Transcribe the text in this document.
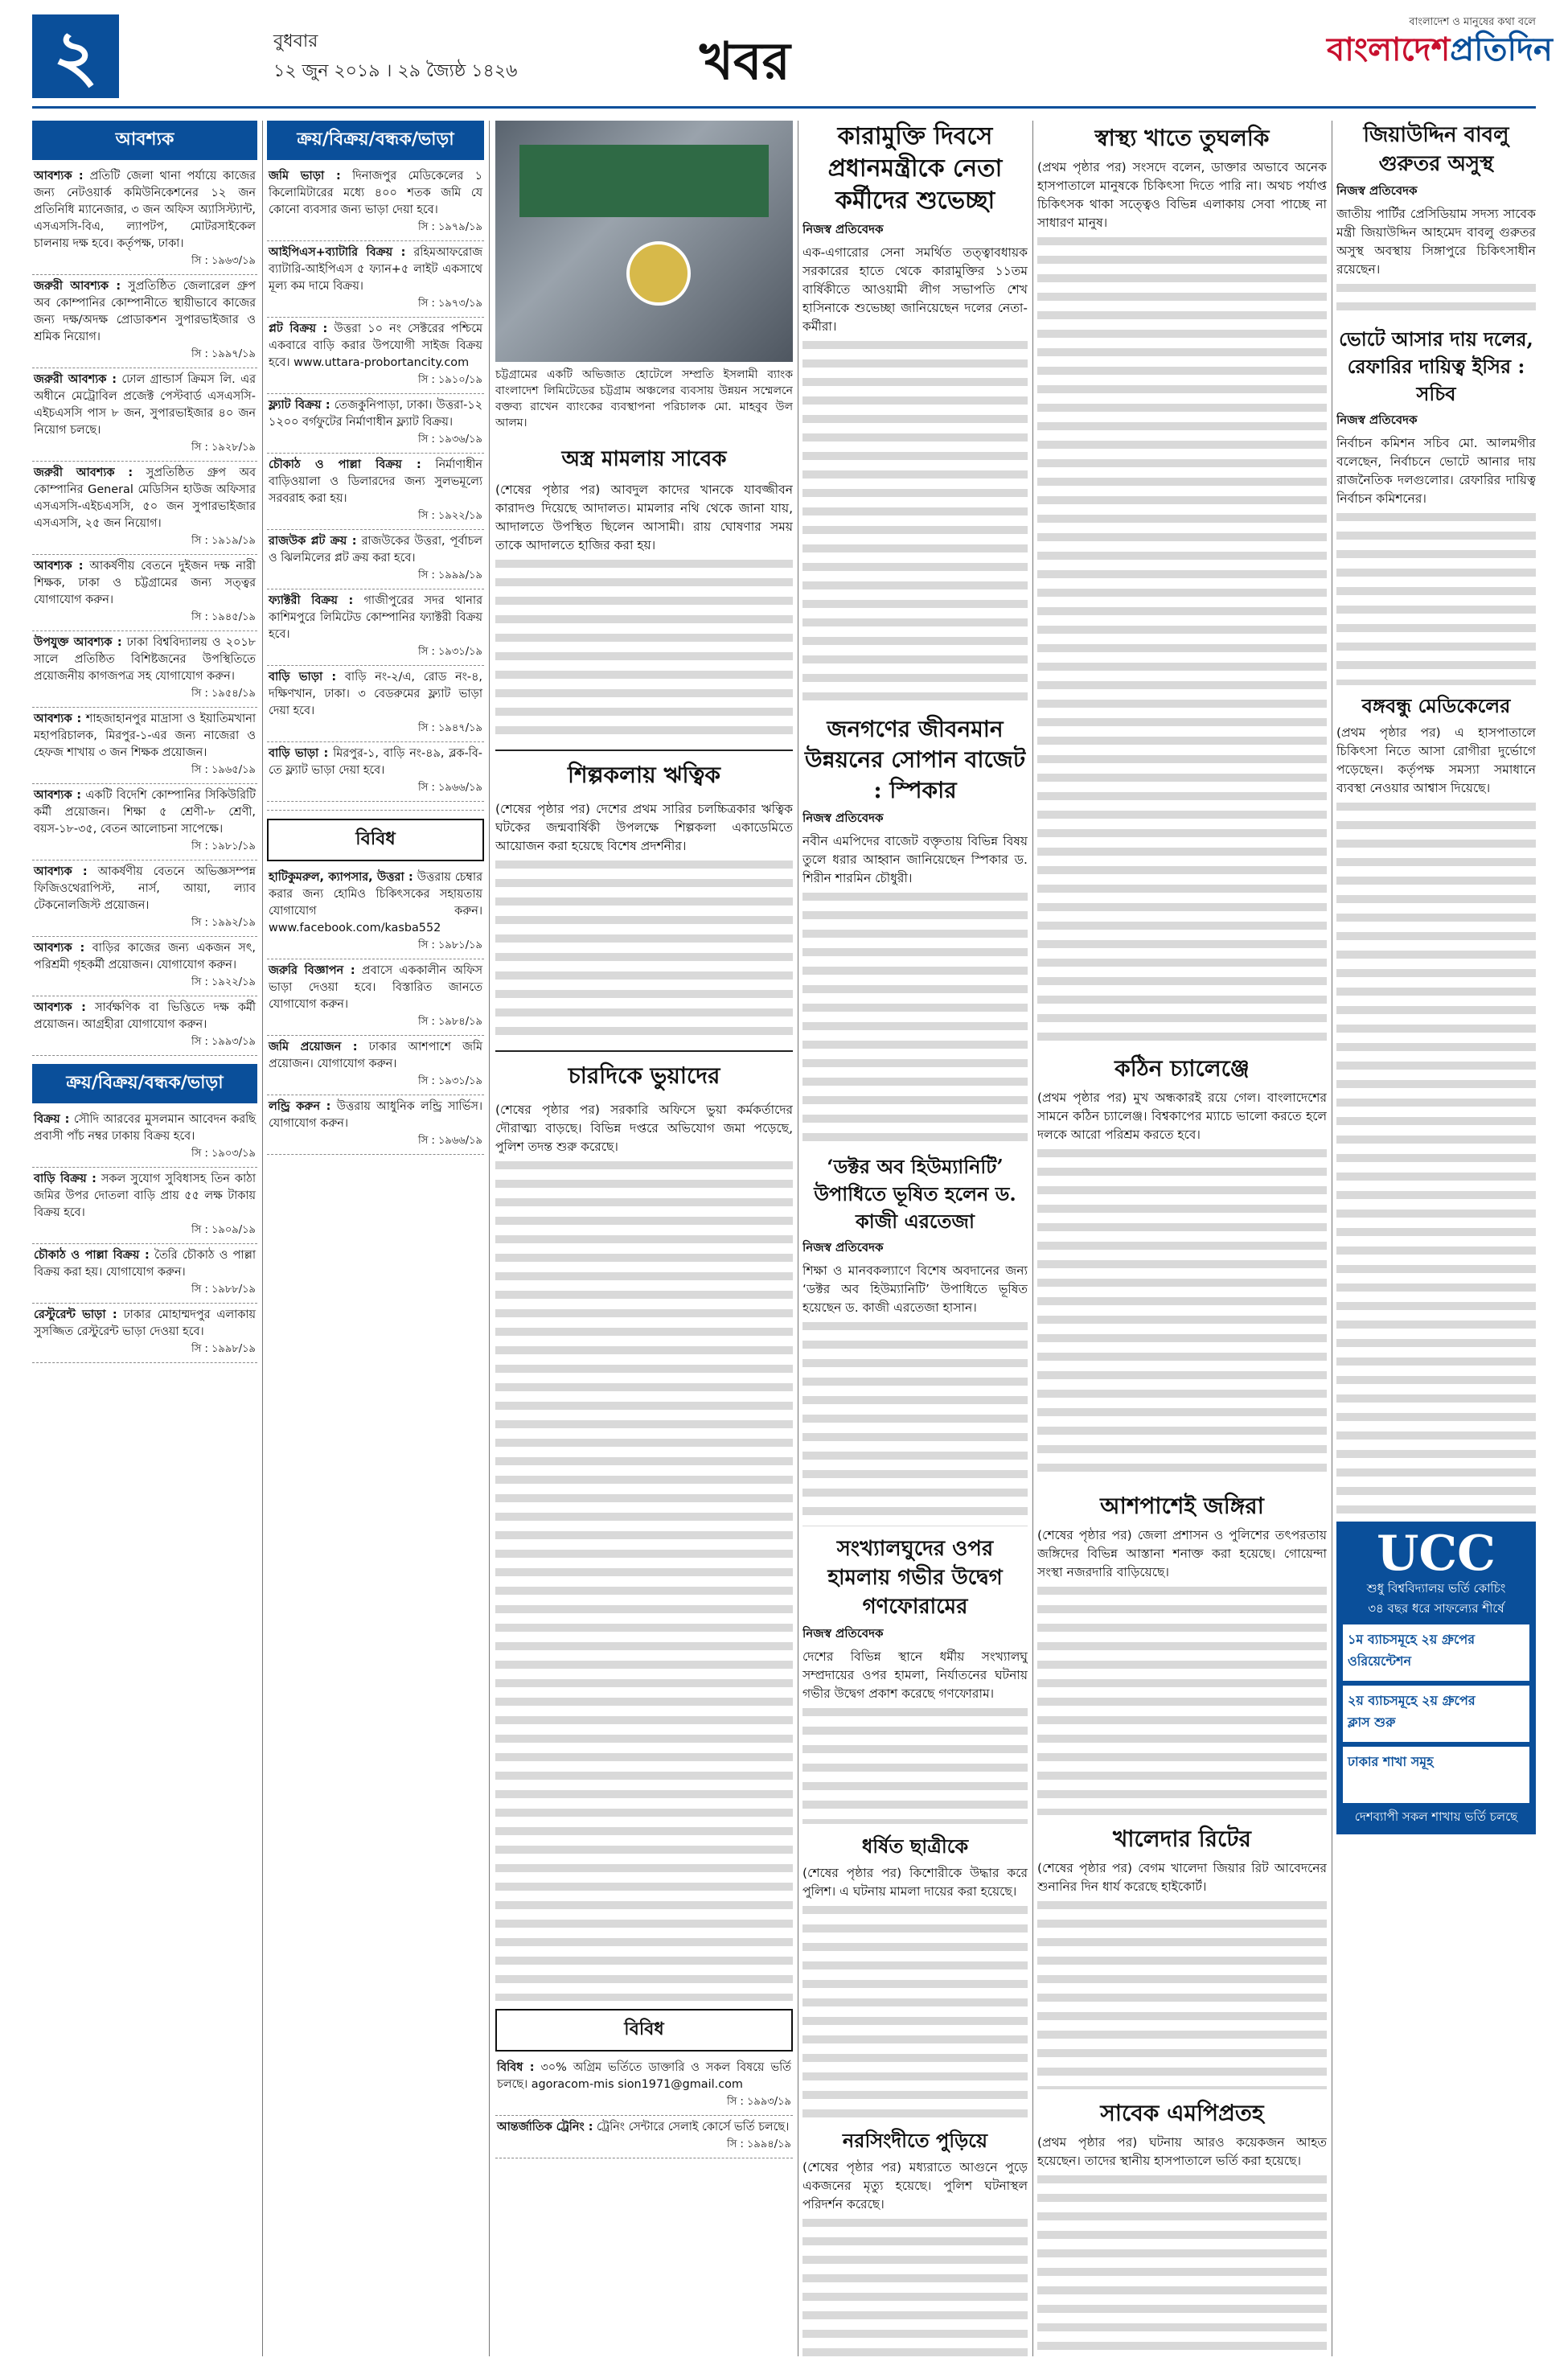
২	বুধবার
১২ জুন ২০১৯ । ২৯ জ্যৈষ্ঠ ১৪২৬	খবর
বাংলাদেশ ও মানুষের কথা বলে
বাংলাদেশপ্রতিদিন
আবশ্যক
আবশ্যক : প্রতিটি জেলা থানা পর্যায়ে কাজের জন্য নেটওয়ার্ক কমিউনিকেশনের ১২ জন প্রতিনিধি ম্যানেজার, ৩ জন অফিস অ্যাসিস্ট্যান্ট, এসএসসি-বিএ, ল্যাপটপ, মোটরসাইকেল চালনায় দক্ষ হবে। কর্তৃপক্ষ, ঢাকা।
সি : ১৯৬৩/১৯
জরুরী আবশ্যক : সুপ্রতিষ্ঠিত জেলারেল গ্রুপ অব কোম্পানির কোম্পানীতে স্থায়ীভাবে কাজের জন্য দক্ষ/অদক্ষ প্রোডাকশন সুপারভাইজার ও শ্রমিক নিয়োগ।
সি : ১৯৯৭/১৯
জরুরী আবশ্যক : ঢোল গ্রান্ডার্স ক্রিমস লি. এর অধীনে মেট্রোবিল প্রজেক্ট পেস্টবার্ড এসএসসি-এইচএসসি পাস ৮ জন, সুপারভাইজার ৪০ জন নিয়োগ চলছে।
সি : ১৯২৮/১৯
জরুরী আবশ্যক : সুপ্রতিষ্ঠিত গ্রুপ অব কোম্পানির General মেডিসিন হাউজ অফিসার এসএসসি-এইচএসসি, ৫০ জন সুপারভাইজার এসএসসি, ২৫ জন নিয়োগ।
সি : ১৯১৯/১৯
আবশ্যক : আকর্ষণীয় বেতনে দুইজন দক্ষ নারী শিক্ষক, ঢাকা ও চট্টগ্রামের জন্য সত্ত্বর যোগাযোগ করুন।
সি : ১৯৪৫/১৯
উপযুক্ত আবশ্যক : ঢাকা বিশ্ববিদ্যালয় ও ২০১৮ সালে প্রতিষ্ঠিত বিশিষ্টজনের উপস্থিতিতে প্রয়োজনীয় কাগজপত্র সহ যোগাযোগ করুন।
সি : ১৯৫৪/১৯
আবশ্যক : শাহজাহানপুর মাদ্রাসা ও ইয়াতিমখানা মহাপরিচালক, মিরপুর-১-এর জন্য নাজেরা ও হেফজ শাখায় ৩ জন শিক্ষক প্রয়োজন।
সি : ১৯৬৫/১৯
আবশ্যক : একটি বিদেশি কোম্পানির সিকিউরিটি কর্মী প্রয়োজন। শিক্ষা ৫ শ্রেণী-৮ শ্রেণী, বয়স-১৮-৩৫, বেতন আলোচনা সাপেক্ষে।
সি : ১৯৮১/১৯
আবশ্যক : আকর্ষণীয় বেতনে অভিজ্ঞসম্পন্ন ফিজিওথেরাপিস্ট, নার্স, আয়া, ল্যাব টেকনোলজিস্ট প্রয়োজন।
সি : ১৯৯২/১৯
আবশ্যক : বাড়ির কাজের জন্য একজন সৎ, পরিশ্রমী গৃহকর্মী প্রয়োজন। যোগাযোগ করুন।
সি : ১৯২২/১৯
আবশ্যক : সার্বক্ষণিক বা ভিত্তিতে দক্ষ কর্মী প্রয়োজন। আগ্রহীরা যোগাযোগ করুন।
সি : ১৯৯৩/১৯
ক্রয়/বিক্রয়/বন্ধক/ভাড়া
বিক্রয় : সৌদি আরবের মুসলমান আবেদন করছি প্রবাসী পাঁচ নম্বর ঢাকায় বিক্রয় হবে।
সি : ১৯০৩/১৯
বাড়ি বিক্রয় : সকল সুযোগ সুবিধাসহ তিন কাঠা জমির উপর দোতলা বাড়ি প্রায় ৫৫ লক্ষ টাকায় বিক্রয় হবে।
সি : ১৯০৯/১৯
চৌকাঠ ও পাল্লা বিক্রয় : তৈরি চৌকাঠ ও পাল্লা বিক্রয় করা হয়। যোগাযোগ করুন।
সি : ১৯৮৮/১৯
রেস্টুরেন্ট ভাড়া : ঢাকার মোহাম্মদপুর এলাকায় সুসজ্জিত রেস্টুরেন্ট ভাড়া দেওয়া হবে।
সি : ১৯৯৮/১৯
ক্রয়/বিক্রয়/বন্ধক/ভাড়া
জমি ভাড়া : দিনাজপুর মেডিকেলের ১ কিলোমিটারের মধ্যে ৪০০ শতক জমি যে কোনো ব্যবসার জন্য ভাড়া দেয়া হবে।
সি : ১৯৭৯/১৯
আইপিএস+ব্যাটারি বিক্রয় : রহিমআফরোজ ব্যাটারি-আইপিএস ৫ ফ্যান+৫ লাইট একসাথে মূল্য কম দামে বিক্রয়।
সি : ১৯৭৩/১৯
প্লট বিক্রয় : উত্তরা ১০ নং সেক্টরের পশ্চিমে একবারে বাড়ি করার উপযোগী সাইজ বিক্রয় হবে। www.uttara-probortancity.com
সি : ১৯১০/১৯
ফ্ল্যাট বিক্রয় : তেজকুনিপাড়া, ঢাকা। উত্তরা-১২ ১২০০ বর্গফুটের নির্মাণাধীন ফ্ল্যাট বিক্রয়।
সি : ১৯৩৬/১৯
চৌকাঠ ও পাল্লা বিক্রয় : নির্মাণাধীন বাড়িওয়ালা ও ডিলারদের জন্য সুলভমূল্যে সরবরাহ করা হয়।
সি : ১৯২২/১৯
রাজউক প্লট ক্রয় : রাজউকের উত্তরা, পূর্বাচল ও ঝিলমিলের প্লট ক্রয় করা হবে।
সি : ১৯৯৯/১৯
ফ্যাক্টরী বিক্রয় : গাজীপুরের সদর থানার কাশিমপুরে লিমিটেড কোম্পানির ফ্যাক্টরী বিক্রয় হবে।
সি : ১৯৩১/১৯
বাড়ি ভাড়া : বাড়ি নং-২/এ, রোড নং-৪, দক্ষিণখান, ঢাকা। ৩ বেডরুমের ফ্ল্যাট ভাড়া দেয়া হবে।
সি : ১৯৪৭/১৯
বাড়ি ভাড়া : মিরপুর-১, বাড়ি নং-৪৯, ব্লক-বি-তে ফ্ল্যাট ভাড়া দেয়া হবে।
সি : ১৯৬৬/১৯
বিবিধ
হাটিকুমরুল, ক্যাপসার, উত্তরা : উত্তরায় চেম্বার করার জন্য হোমিও চিকিৎসকের সহায়তায় যোগাযোগ করুন। www.facebook.com/kasba552
সি : ১৯৮১/১৯
জরুরি বিজ্ঞাপন : প্রবাসে এককালীন অফিস ভাড়া দেওয়া হবে। বিস্তারিত জানতে যোগাযোগ করুন।
সি : ১৯৮৪/১৯
জমি প্রয়োজন : ঢাকার আশপাশে জমি প্রয়োজন। যোগাযোগ করুন।
সি : ১৯৩১/১৯
লন্ড্রি করুন : উত্তরায় আধুনিক লন্ড্রি সার্ভিস। যোগাযোগ করুন।
সি : ১৯৬৬/১৯
চট্টগ্রামের একটি অভিজাত হোটেলে সম্প্রতি ইসলামী ব্যাংক বাংলাদেশ লিমিটেডের চট্টগ্রাম অঞ্চলের ব্যবসায় উন্নয়ন সম্মেলনে বক্তব্য রাখেন ব্যাংকের ব্যবস্থাপনা পরিচালক মো. মাহবুব উল আলম।
অস্ত্র মামলায় সাবেক
(শেষের পৃষ্ঠার পর) আবদুল কাদের খানকে যাবজ্জীবন কারাদণ্ড দিয়েছে আদালত। মামলার নথি থেকে জানা যায়, আদালতে উপস্থিত ছিলেন আসামী। রায় ঘোষণার সময় তাকে আদালতে হাজির করা হয়।
শিল্পকলায় ঋত্বিক
(শেষের পৃষ্ঠার পর) দেশের প্রথম সারির চলচ্চিত্রকার ঋত্বিক ঘটকের জন্মবার্ষিকী উপলক্ষে শিল্পকলা একাডেমিতে আয়োজন করা হয়েছে বিশেষ প্রদর্শনীর।
চারদিকে ভুয়াদের
(শেষের পৃষ্ঠার পর) সরকারি অফিসে ভুয়া কর্মকর্তাদের দৌরাত্ম্য বাড়ছে। বিভিন্ন দপ্তরে অভিযোগ জমা পড়েছে, পুলিশ তদন্ত শুরু করেছে।
বিবিধ
বিবিধ : ৩০% অগ্রিম ভর্তিতে ডাক্তারি ও সকল বিষয়ে ভর্তি চলছে। agoracom-mis sion1971@gmail.com
সি : ১৯৯৩/১৯
আন্তর্জাতিক ট্রেনিং : ট্রেনিং সেন্টারে সেলাই কোর্সে ভর্তি চলছে।
সি : ১৯৯৪/১৯
কারামুক্তি দিবসে প্রধানমন্ত্রীকে নেতা কর্মীদের শুভেচ্ছা
নিজস্ব প্রতিবেদক
এক-এগারোর সেনা সমর্থিত তত্ত্বাবধায়ক সরকারের হাতে থেকে কারামুক্তির ১১তম বার্ষিকীতে আওয়ামী লীগ সভাপতি শেখ হাসিনাকে শুভেচ্ছা জানিয়েছেন দলের নেতা-কর্মীরা।
জনগণের জীবনমান উন্নয়নের সোপান বাজেট : স্পিকার
নিজস্ব প্রতিবেদক
নবীন এমপিদের বাজেট বক্তৃতায় বিভিন্ন বিষয় তুলে ধরার আহ্বান জানিয়েছেন স্পিকার ড. শিরীন শারমিন চৌধুরী।
‘ডক্টর অব হিউম্যানিটি’ উপাধিতে ভূষিত হলেন ড. কাজী এরতেজা
নিজস্ব প্রতিবেদক
শিক্ষা ও মানবকল্যাণে বিশেষ অবদানের জন্য ‘ডক্টর অব হিউম্যানিটি’ উপাধিতে ভূষিত হয়েছেন ড. কাজী এরতেজা হাসান।
সংখ্যালঘুদের ওপর হামলায় গভীর উদ্বেগ গণফোরামের
নিজস্ব প্রতিবেদক
দেশের বিভিন্ন স্থানে ধর্মীয় সংখ্যালঘু সম্প্রদায়ের ওপর হামলা, নির্যাতনের ঘটনায় গভীর উদ্বেগ প্রকাশ করেছে গণফোরাম।
ধর্ষিত ছাত্রীকে
(শেষের পৃষ্ঠার পর) কিশোরীকে উদ্ধার করে পুলিশ। এ ঘটনায় মামলা দায়ের করা হয়েছে।
নরসিংদীতে পুড়িয়ে
(শেষের পৃষ্ঠার পর) মধ্যরাতে আগুনে পুড়ে একজনের মৃত্যু হয়েছে। পুলিশ ঘটনাস্থল পরিদর্শন করেছে।
স্বাস্থ্য খাতে তুঘলকি
(প্রথম পৃষ্ঠার পর) সংসদে বলেন, ডাক্তার অভাবে অনেক হাসপাতালে মানুষকে চিকিৎসা দিতে পারি না। অথচ পর্যাপ্ত চিকিৎসক থাকা সত্ত্বেও বিভিন্ন এলাকায় সেবা পাচ্ছে না সাধারণ মানুষ।
কঠিন চ্যালেঞ্জে
(প্রথম পৃষ্ঠার পর) মুখ অন্ধকারই রয়ে গেল। বাংলাদেশের সামনে কঠিন চ্যালেঞ্জ। বিশ্বকাপের ম্যাচে ভালো করতে হলে দলকে আরো পরিশ্রম করতে হবে।
আশপাশেই জঙ্গিরা
(শেষের পৃষ্ঠার পর) জেলা প্রশাসন ও পুলিশের তৎপরতায় জঙ্গিদের বিভিন্ন আস্তানা শনাক্ত করা হয়েছে। গোয়েন্দা সংস্থা নজরদারি বাড়িয়েছে।
খালেদার রিটের
(শেষের পৃষ্ঠার পর) বেগম খালেদা জিয়ার রিট আবেদনের শুনানির দিন ধার্য করেছে হাইকোর্ট।
সাবেক এমপিপ্রতহ
(প্রথম পৃষ্ঠার পর) ঘটনায় আরও কয়েকজন আহত হয়েছেন। তাদের স্থানীয় হাসপাতালে ভর্তি করা হয়েছে।
জিয়াউদ্দিন বাবলু গুরুতর অসুস্থ
নিজস্ব প্রতিবেদক
জাতীয় পার্টির প্রেসিডিয়াম সদস্য সাবেক মন্ত্রী জিয়াউদ্দিন আহমেদ বাবলু গুরুতর অসুস্থ অবস্থায় সিঙ্গাপুরে চিকিৎসাধীন রয়েছেন।
ভোটে আসার দায় দলের, রেফারির দায়িত্ব ইসির : সচিব
নিজস্ব প্রতিবেদক
নির্বাচন কমিশন সচিব মো. আলমগীর বলেছেন, নির্বাচনে ভোটে আনার দায় রাজনৈতিক দলগুলোর। রেফারির দায়িত্ব নির্বাচন কমিশনের।
বঙ্গবন্ধু মেডিকেলের
(প্রথম পৃষ্ঠার পর) এ হাসপাতালে চিকিৎসা নিতে আসা রোগীরা দুর্ভোগে পড়েছেন। কর্তৃপক্ষ সমস্যা সমাধানে ব্যবস্থা নেওয়ার আশ্বাস দিয়েছে।
UCC
শুধু বিশ্ববিদ্যালয় ভর্তি কোচিং
৩৪ বছর ধরে সাফল্যের শীর্ষে
১ম ব্যাচসমূহে ২য় গ্রুপের
ওরিয়েন্টেশন
২য় ব্যাচসমূহে ২য় গ্রুপের
ক্লাস শুরু
ঢাকার শাখা সমূহ
দেশব্যাপী সকল শাখায় ভর্তি চলছে
